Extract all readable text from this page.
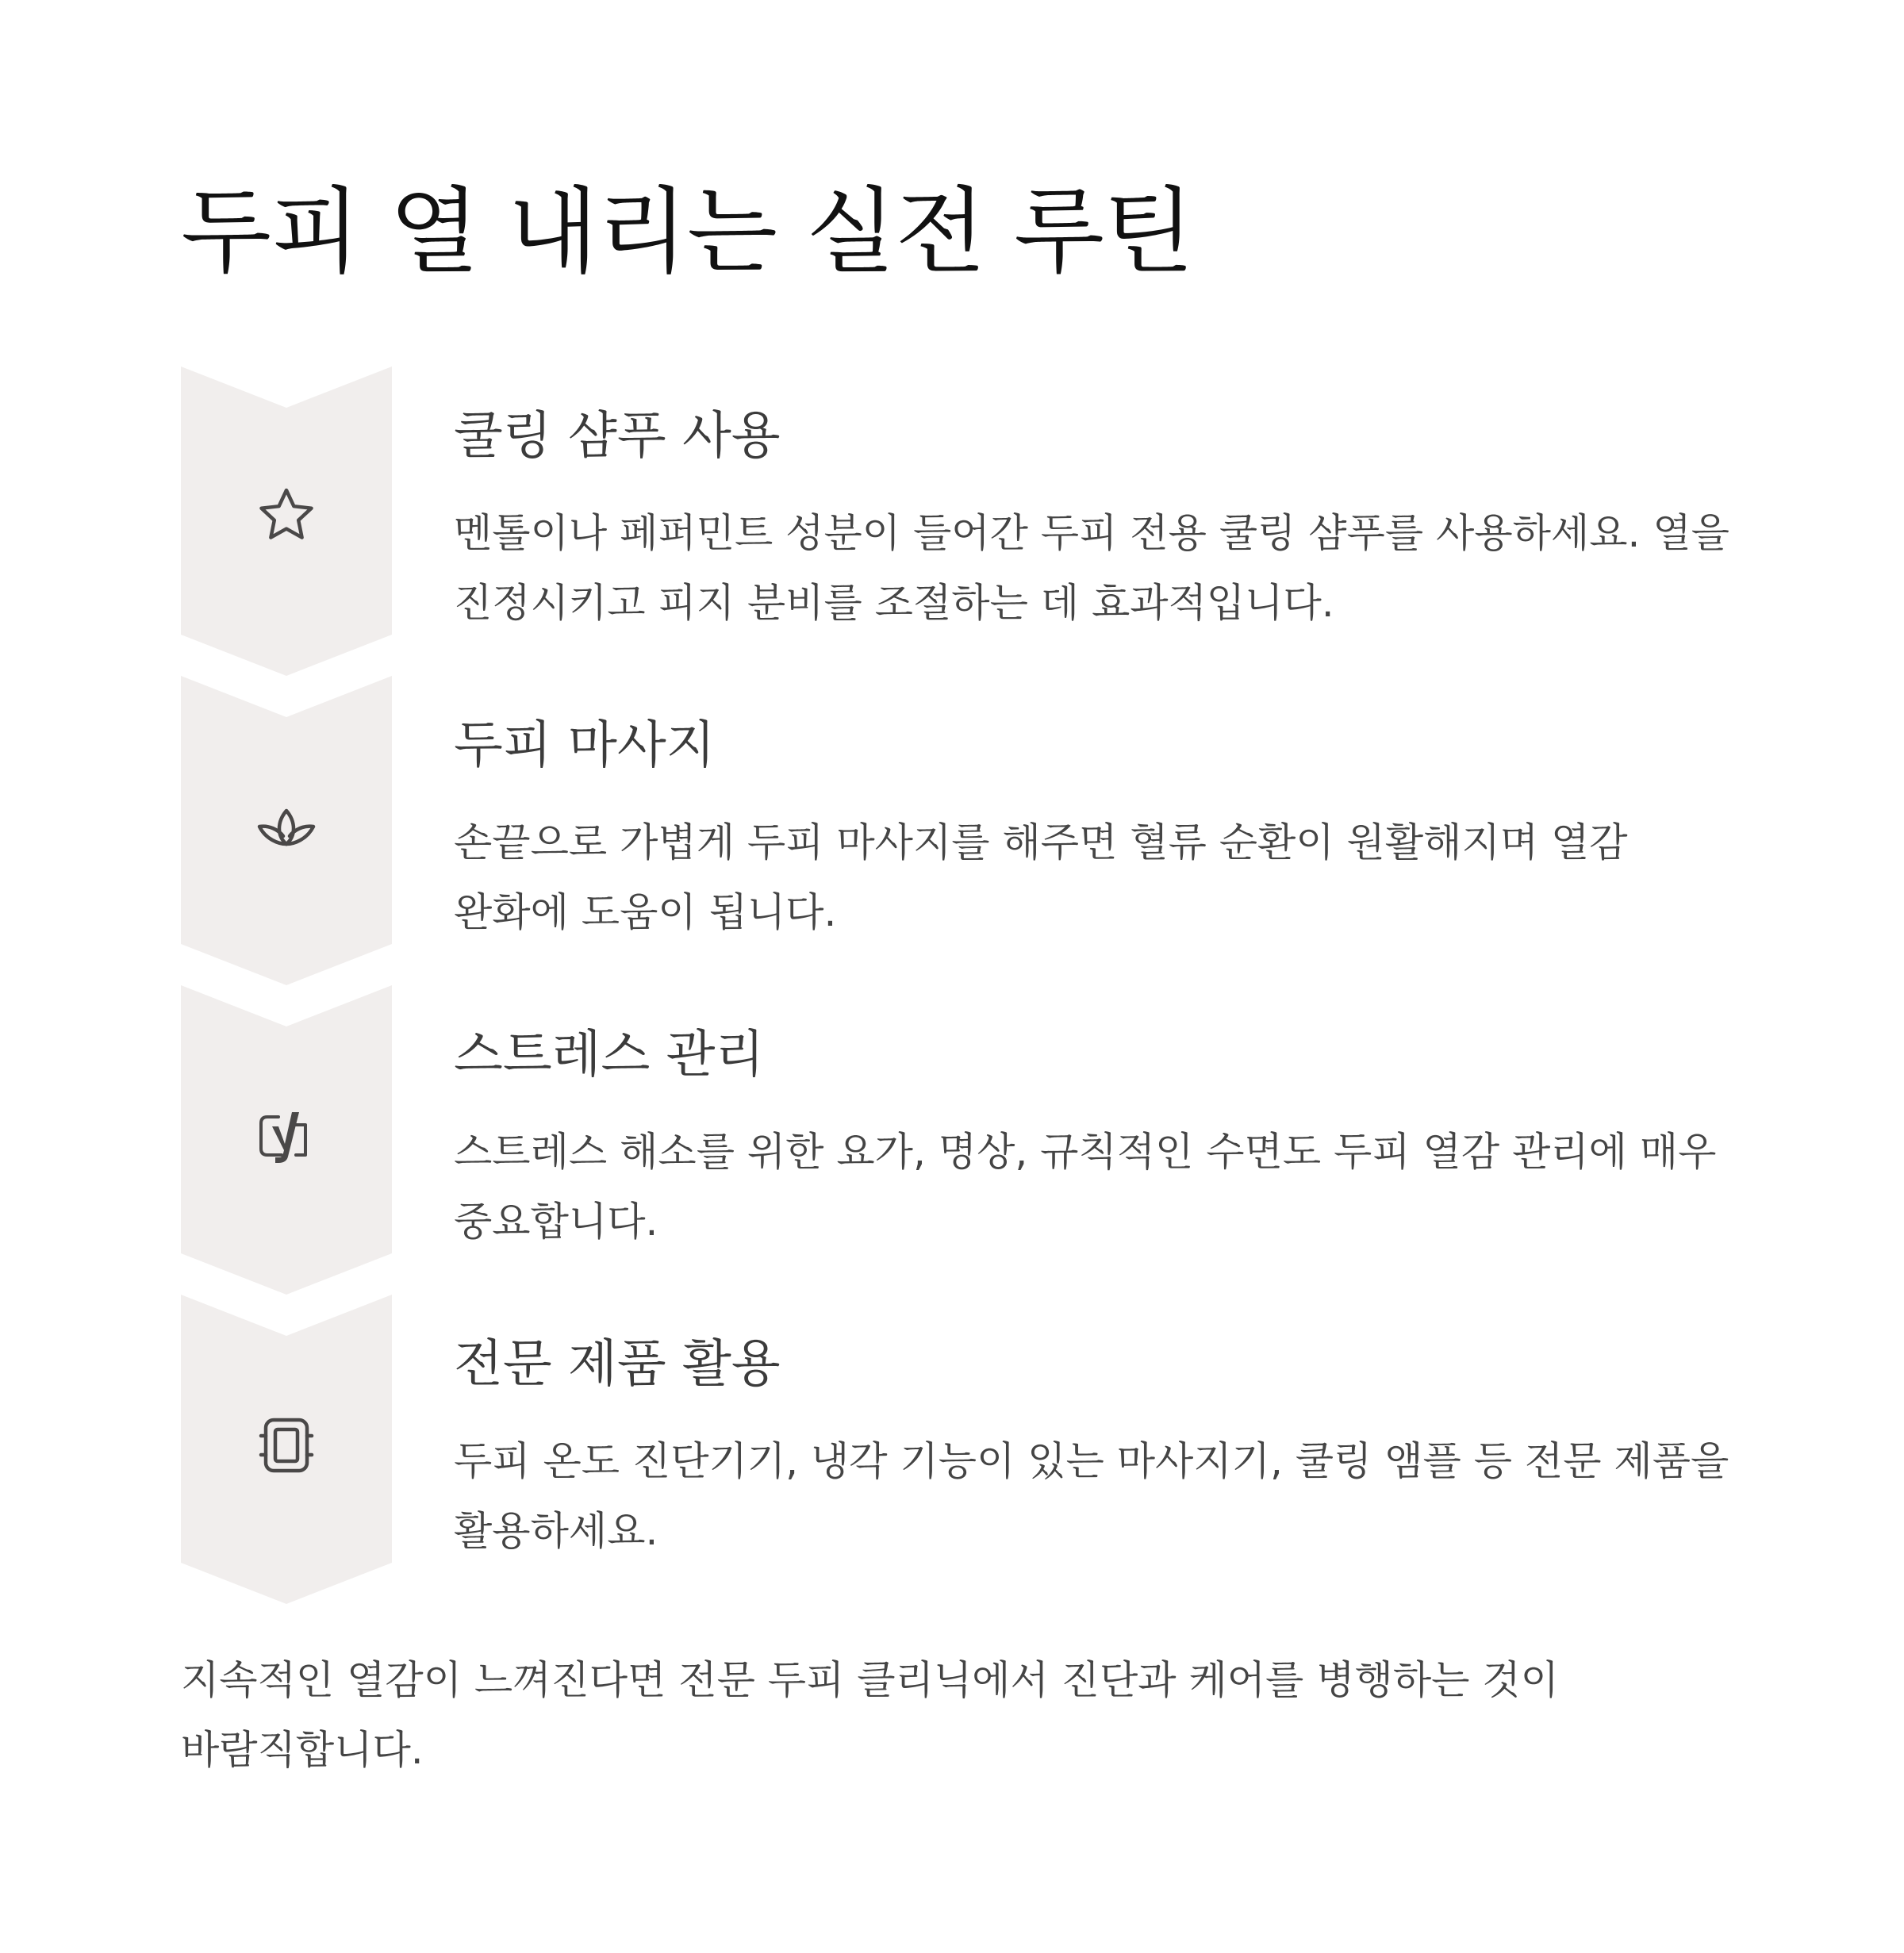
두피 열 내리는 실전 루틴
쿨링 샴푸 사용

멘톨이나 페퍼민트 성분이 들어간 두피 전용 쿨링 샴푸를 사용하세요. 열을 진정시키고 피지 분비를 조절하는 데 효과적입니다.

두피 마사지

손끝으로 가볍게 두피 마사지를 해주면 혈류 순환이 원활해지며 열감 완화에 도움이 됩니다.

스트레스 관리

스트레스 해소를 위한 요가, 명상, 규칙적인 수면도 두피 열감 관리에 매우 중요합니다.

전문 제품 활용

두피 온도 진단기기, 냉각 기능이 있는 마사지기, 쿨링 앰플 등 전문 제품을 활용하세요.

지속적인 열감이 느껴진다면 전문 두피 클리닉에서 진단과 케어를 병행하는 것이 바람직합니다.
